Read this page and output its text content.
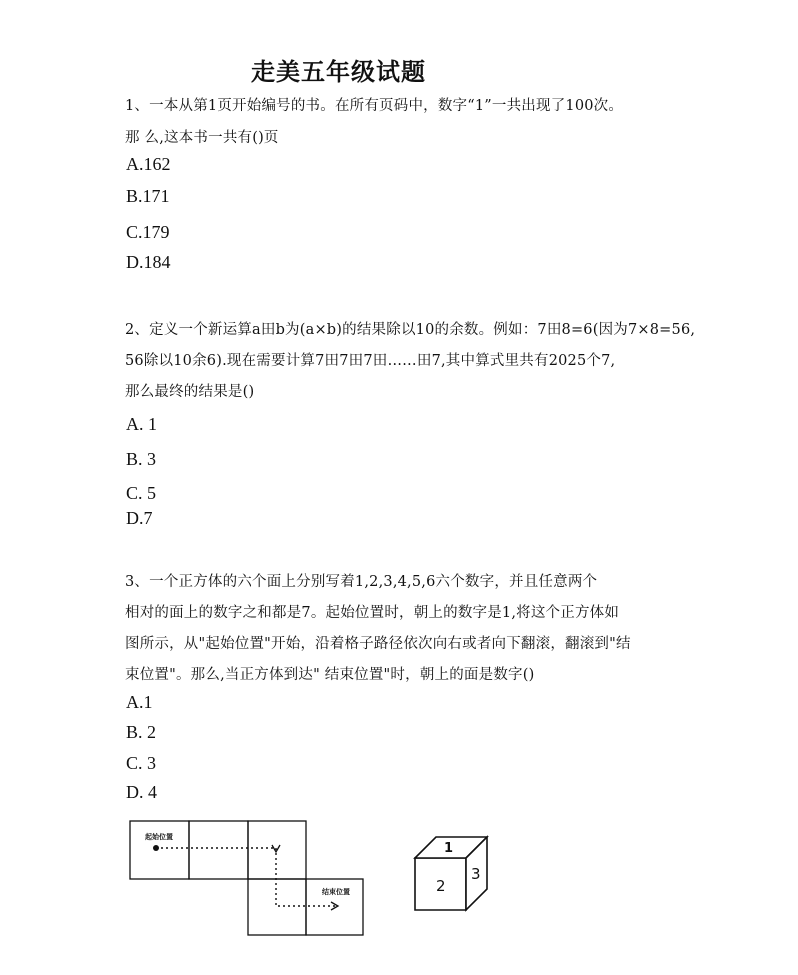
走美五年级试题
1、一本从第1页开始编号的书。在所有页码中，数字“1”一共出现了100次。
那 么,这本书一共有()页
A.162
B.171
C.179
D.184
2、定义一个新运算a田b为(a×b)的结果除以10的余数。例如：7田8=6(因为7×8=56,
56除以10余6).现在需要计算7田7田7田……田7,其中算式里共有2025个7,
那么最终的结果是()
A. 1
B. 3
C. 5
D.7
3、一个正方体的六个面上分别写着1,2,3,4,5,6六个数字，并且任意两个
相对的面上的数字之和都是7。起始位置时，朝上的数字是1,将这个正方体如
图所示，从"起始位置"开始，沿着格子路径依次向右或者向下翻滚，翻滚到"结
束位置"。那么,当正方体到达" 结束位置"时，朝上的面是数字()
A.1
B. 2
C. 3
D. 4
起始位置
结束位置
1
2
3
